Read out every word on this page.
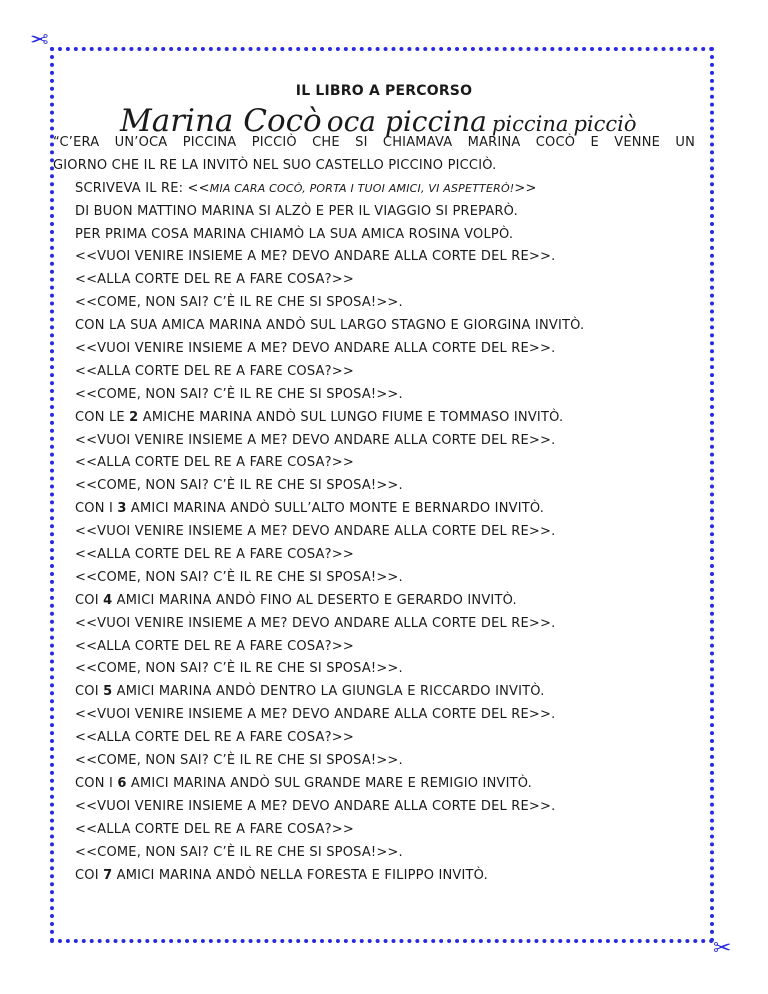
✂
✂
IL LIBRO A PERCORSO
Marina Cocò oca piccina piccina picciò
“C’ERA UN’OCA PICCINA PICCIÒ CHE SI CHIAMAVA MARINA COCÒ E VENNE UN
GIORNO CHE IL RE LA INVITÒ NEL SUO CASTELLO PICCINO PICCIÒ.
SCRIVEVA IL RE: <<MIA CARA COCÒ, PORTA I TUOI AMICI, VI ASPETTERÒ!>>
DI BUON MATTINO MARINA SI ALZÒ E PER IL VIAGGIO SI PREPARÒ.
PER PRIMA COSA MARINA CHIAMÒ LA SUA AMICA ROSINA VOLPÒ.
<<VUOI VENIRE INSIEME A ME? DEVO ANDARE ALLA CORTE DEL RE>>.
<<ALLA CORTE DEL RE A FARE COSA?>>
<<COME, NON SAI? C’È IL RE CHE SI SPOSA!>>.
CON LA SUA AMICA MARINA ANDÒ SUL LARGO STAGNO E GIORGINA INVITÒ.
<<VUOI VENIRE INSIEME A ME? DEVO ANDARE ALLA CORTE DEL RE>>.
<<ALLA CORTE DEL RE A FARE COSA?>>
<<COME, NON SAI? C’È IL RE CHE SI SPOSA!>>.
CON LE 2 AMICHE MARINA ANDÒ SUL LUNGO FIUME E TOMMASO INVITÒ.
<<VUOI VENIRE INSIEME A ME? DEVO ANDARE ALLA CORTE DEL RE>>.
<<ALLA CORTE DEL RE A FARE COSA?>>
<<COME, NON SAI? C’È IL RE CHE SI SPOSA!>>.
CON I 3 AMICI MARINA ANDÒ SULL’ALTO MONTE E BERNARDO INVITÒ.
<<VUOI VENIRE INSIEME A ME? DEVO ANDARE ALLA CORTE DEL RE>>.
<<ALLA CORTE DEL RE A FARE COSA?>>
<<COME, NON SAI? C’È IL RE CHE SI SPOSA!>>.
COI 4 AMICI MARINA ANDÒ FINO AL DESERTO E GERARDO INVITÒ.
<<VUOI VENIRE INSIEME A ME? DEVO ANDARE ALLA CORTE DEL RE>>.
<<ALLA CORTE DEL RE A FARE COSA?>>
<<COME, NON SAI? C’È IL RE CHE SI SPOSA!>>.
COI 5 AMICI MARINA ANDÒ DENTRO LA GIUNGLA E RICCARDO INVITÒ.
<<VUOI VENIRE INSIEME A ME? DEVO ANDARE ALLA CORTE DEL RE>>.
<<ALLA CORTE DEL RE A FARE COSA?>>
<<COME, NON SAI? C’È IL RE CHE SI SPOSA!>>.
CON I 6 AMICI MARINA ANDÒ SUL GRANDE MARE E REMIGIO INVITÒ.
<<VUOI VENIRE INSIEME A ME? DEVO ANDARE ALLA CORTE DEL RE>>.
<<ALLA CORTE DEL RE A FARE COSA?>>
<<COME, NON SAI? C’È IL RE CHE SI SPOSA!>>.
COI 7 AMICI MARINA ANDÒ NELLA FORESTA E FILIPPO INVITÒ.
